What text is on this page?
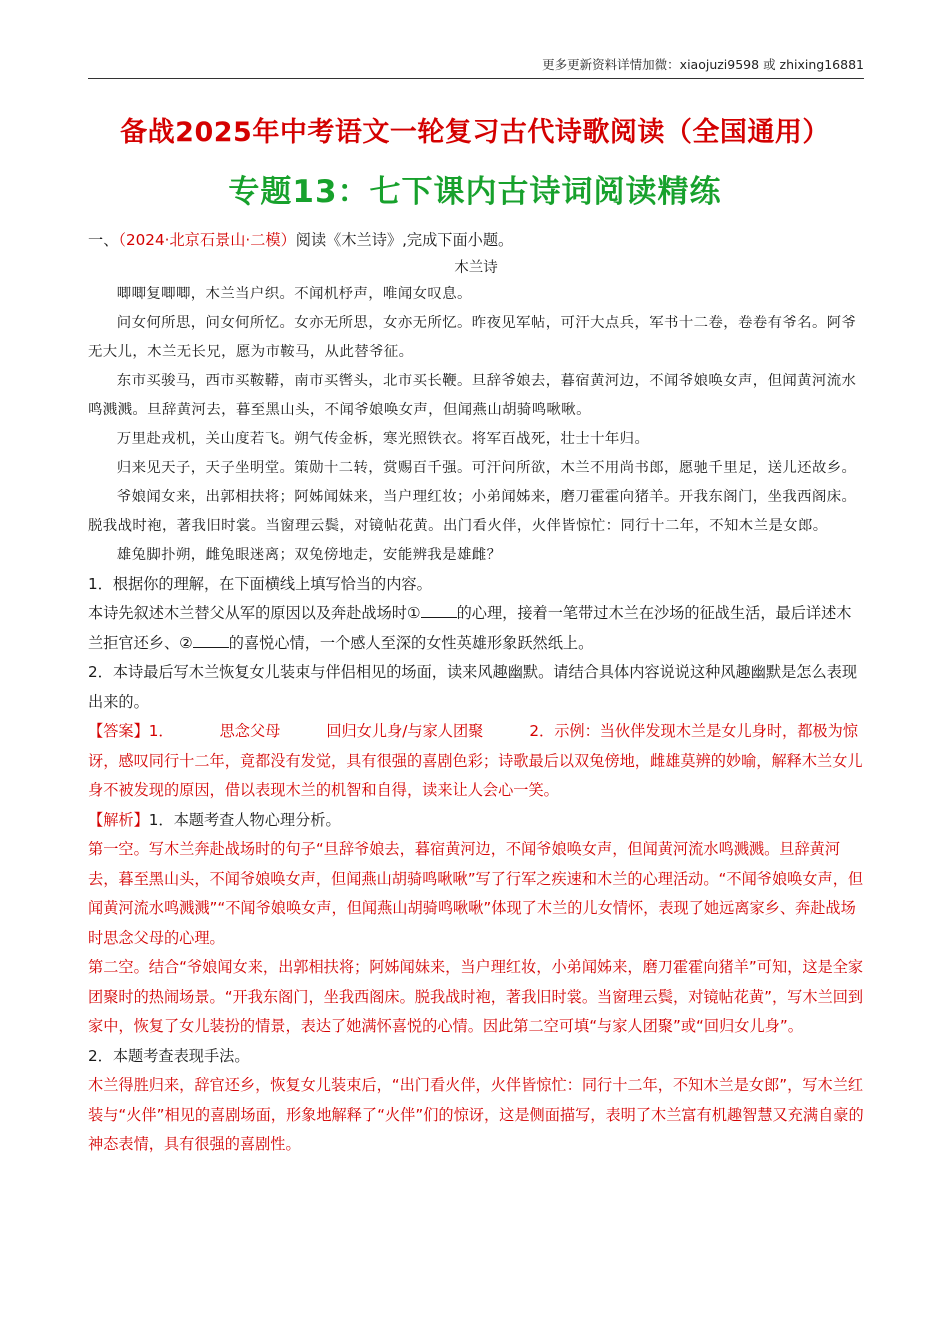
更多更新资料详情加微：xiaojuzi9598 或 zhixing16881
备战2025年中考语文一轮复习古代诗歌阅读（全国通用）
专题13：七下课内古诗词阅读精练

一、（2024·北京石景山·二模）阅读《木兰诗》,完成下面小题。

木兰诗

唧唧复唧唧，木兰当户织。不闻机杼声，唯闻女叹息。

问女何所思，问女何所忆。女亦无所思，女亦无所忆。昨夜见军帖，可汗大点兵，军书十二卷，卷卷有爷名。阿爷无大儿，木兰无长兄，愿为市鞍马，从此替爷征。

东市买骏马，西市买鞍鞯，南市买辔头，北市买长鞭。旦辞爷娘去，暮宿黄河边，不闻爷娘唤女声，但闻黄河流水鸣溅溅。旦辞黄河去，暮至黑山头，不闻爷娘唤女声，但闻燕山胡骑鸣啾啾。

万里赴戎机，关山度若飞。朔气传金柝，寒光照铁衣。将军百战死，壮士十年归。

归来见天子，天子坐明堂。策勋十二转，赏赐百千强。可汗问所欲，木兰不用尚书郎，愿驰千里足，送儿还故乡。

爷娘闻女来，出郭相扶将；阿姊闻妹来，当户理红妆；小弟闻姊来，磨刀霍霍向猪羊。开我东阁门，坐我西阁床。脱我战时袍，著我旧时裳。当窗理云鬓，对镜帖花黄。出门看火伴，火伴皆惊忙：同行十二年，不知木兰是女郎。

雄兔脚扑朔，雌兔眼迷离；双兔傍地走，安能辨我是雄雌？

1．根据你的理解，在下面横线上填写恰当的内容。

本诗先叙述木兰替父从军的原因以及奔赴战场时① 的心理，接着一笔带过木兰在沙场的征战生活，最后详述木兰拒官还乡、② 的喜悦心情，一个感人至深的女性英雄形象跃然纸上。

2．本诗最后写木兰恢复女儿装束与伴侣相见的场面，读来风趣幽默。请结合具体内容说说这种风趣幽默是怎么表现出来的。

【答案】1．	思念父母	回归女儿身/与家人团聚	2．示例：当伙伴发现木兰是女儿身时，都极为惊讶，感叹同行十二年，竟都没有发觉，具有很强的喜剧色彩；诗歌最后以双兔傍地，雌雄莫辨的妙喻，解释木兰女儿身不被发现的原因，借以表现木兰的机智和自得，读来让人会心一笑。

【解析】1．本题考查人物心理分析。

第一空。写木兰奔赴战场时的句子“旦辞爷娘去，暮宿黄河边，不闻爷娘唤女声，但闻黄河流水鸣溅溅。旦辞黄河去，暮至黑山头，不闻爷娘唤女声，但闻燕山胡骑鸣啾啾”写了行军之疾速和木兰的心理活动。“不闻爷娘唤女声，但闻黄河流水鸣溅溅”“不闻爷娘唤女声，但闻燕山胡骑鸣啾啾”体现了木兰的儿女情怀，表现了她远离家乡、奔赴战场时思念父母的心理。

第二空。结合“爷娘闻女来，出郭相扶将；阿姊闻妹来，当户理红妆，小弟闻姊来，磨刀霍霍向猪羊”可知，这是全家团聚时的热闹场景。“开我东阁门，坐我西阁床。脱我战时袍，著我旧时裳。当窗理云鬓，对镜帖花黄”，写木兰回到家中，恢复了女儿装扮的情景，表达了她满怀喜悦的心情。因此第二空可填“与家人团聚”或“回归女儿身”。

2．本题考查表现手法。

木兰得胜归来，辞官还乡，恢复女儿装束后，“出门看火伴，火伴皆惊忙：同行十二年，不知木兰是女郎”，写木兰红装与“火伴”相见的喜剧场面，形象地解释了“火伴”们的惊讶，这是侧面描写，表明了木兰富有机趣智慧又充满自豪的神态表情，具有很强的喜剧性。
